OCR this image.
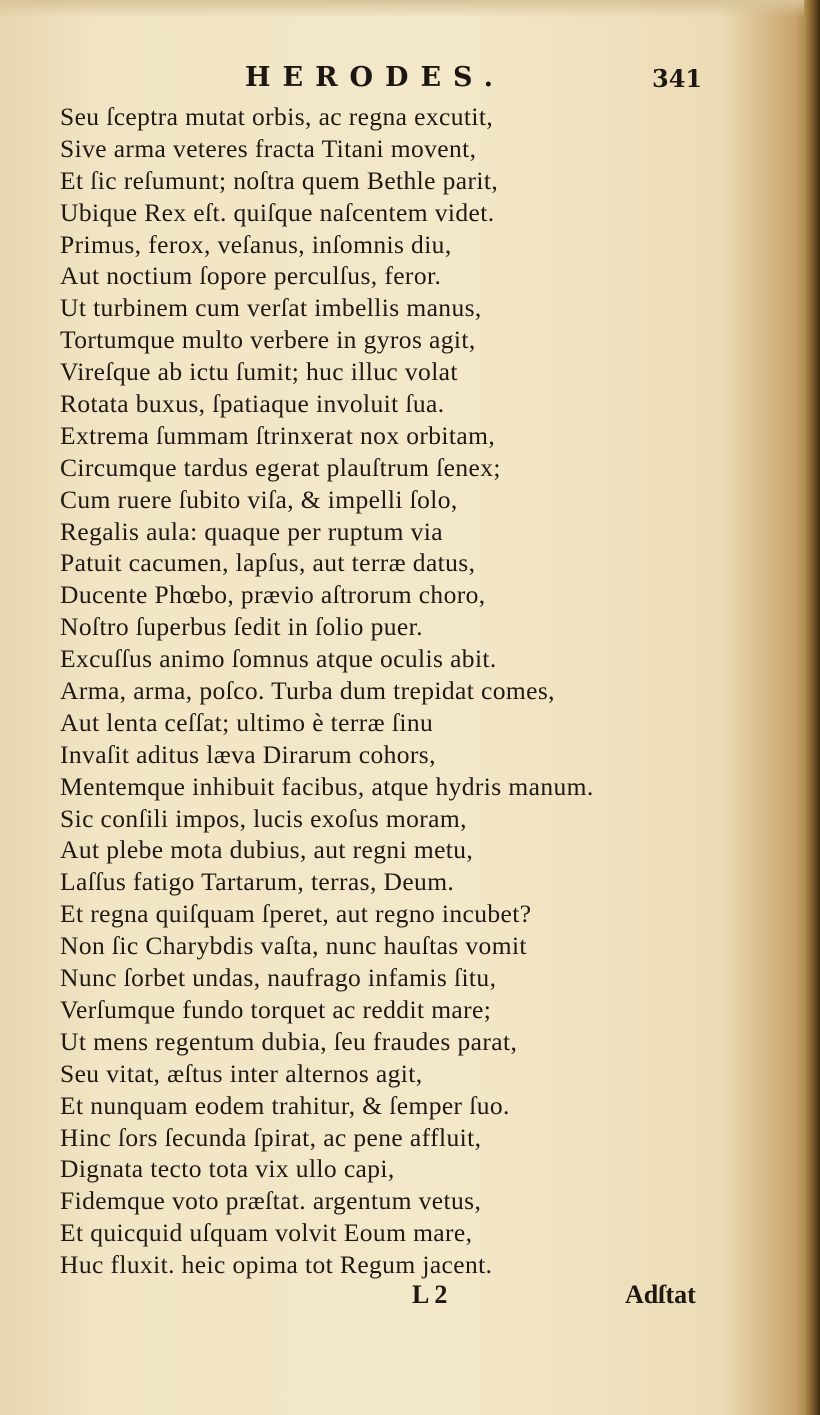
HERODES.	341
Seu ſceptra mutat orbis, ac regna excutit,
Sive arma veteres fracta Titani movent,
Et ſic reſumunt; noſtra quem Bethle parit,
Ubique Rex eſt. quiſque naſcentem videt.
Primus, ferox, veſanus, inſomnis diu,
Aut noctium ſopore perculſus, feror.
Ut turbinem cum verſat imbellis manus,
Tortumque multo verbere in gyros agit,
Vireſque ab ictu ſumit; huc illuc volat
Rotata buxus, ſpatiaque involuit ſua.
Extrema ſummam ſtrinxerat nox orbitam,
Circumque tardus egerat plauſtrum ſenex;
Cum ruere ſubito viſa, & impelli ſolo,
Regalis aula: quaque per ruptum via
Patuit cacumen, lapſus, aut terræ datus,
Ducente Phœbo, prævio aſtrorum choro,
Noſtro ſuperbus ſedit in ſolio puer.
Excuſſus animo ſomnus atque oculis abit.
Arma, arma, poſco. Turba dum trepidat comes,
Aut lenta ceſſat; ultimo è terræ ſinu
Invaſit aditus læva Dirarum cohors,
Mentemque inhibuit facibus, atque hydris manum.
Sic conſili impos, lucis exoſus moram,
Aut plebe mota dubius, aut regni metu,
Laſſus fatigo Tartarum, terras, Deum.
Et regna quiſquam ſperet, aut regno incubet?
Non ſic Charybdis vaſta, nunc hauſtas vomit
Nunc ſorbet undas, naufrago infamis ſitu,
Verſumque fundo torquet ac reddit mare;
Ut mens regentum dubia, ſeu fraudes parat,
Seu vitat, æſtus inter alternos agit,
Et nunquam eodem trahitur, & ſemper ſuo.
Hinc ſors ſecunda ſpirat, ac pene affluit,
Dignata tecto tota vix ullo capi,
Fidemque voto præſtat. argentum vetus,
Et quicquid uſquam volvit Eoum mare,
Huc fluxit. heic opima tot Regum jacent.
L 2	Adſtat
